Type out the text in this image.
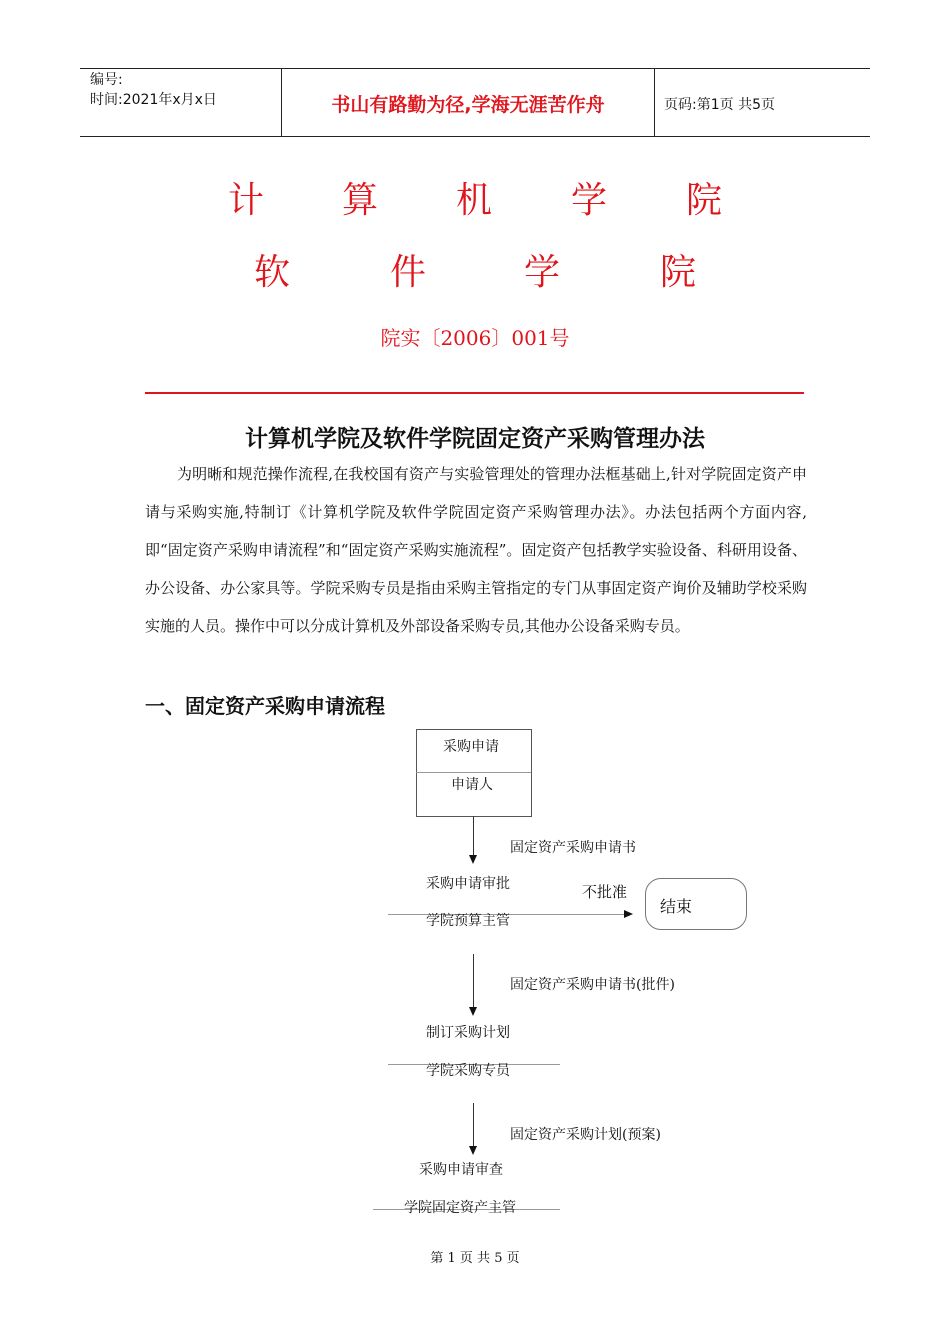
编号:
时间:2021年x月x日	书山有路勤为径,学海无涯苦作舟	页码:第1页 共5页
计 算 机 学 院
软	件	学	院
院实〔2006〕001号
计算机学院及软件学院固定资产采购管理办法
为明晰和规范操作流程,在我校国有资产与实验管理处的管理办法框基础上,针对学院固定资产申请与采购实施,特制订《计算机学院及软件学院固定资产采购管理办法》。办法包括两个方面内容,即“固定资产采购申请流程”和“固定资产采购实施流程”。固定资产包括教学实验设备、科研用设备、办公设备、办公家具等。学院采购专员是指由采购主管指定的专门从事固定资产询价及辅助学校采购实施的人员。操作中可以分成计算机及外部设备采购专员,其他办公设备采购专员。
一、固定资产采购申请流程
采购申请
申请人
固定资产采购申请书
采购申请审批
学院预算主管
不批准
结束
固定资产采购申请书(批件)
制订采购计划
学院采购专员
固定资产采购计划(预案)
采购申请审查
学院固定资产主管
第 1 页 共 5 页
